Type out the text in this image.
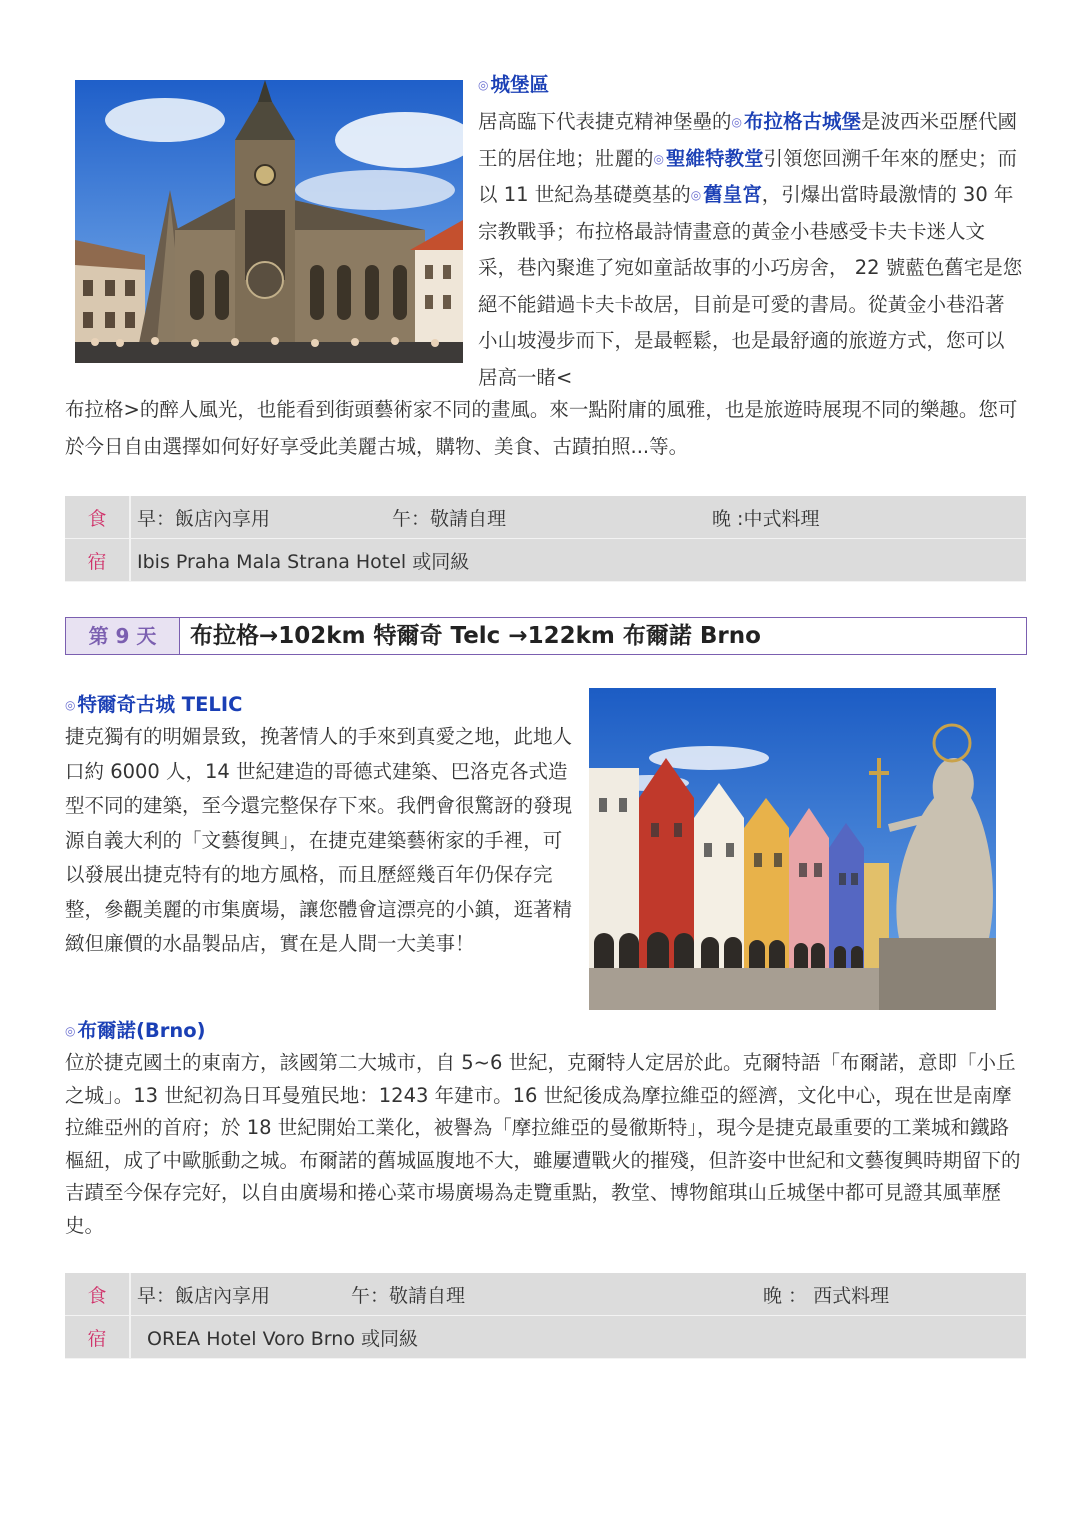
◎ 城堡區
居高臨下代表捷克精神堡壘的◎ 布拉格古城堡是波西米亞歷代國王的居住地；壯麗的◎ 聖維特教堂引領您回溯千年來的歷史；而以 11 世紀為基礎奠基的◎ 舊皇宮，引爆出當時最激情的 30 年宗教戰爭；布拉格最詩情畫意的黃金小巷感受卡夫卡迷人文采，巷內聚進了宛如童話故事的小巧房舍， 22 號藍色舊宅是您絕不能錯過卡夫卡故居，目前是可愛的書局。從黃金小巷沿著小山坡漫步而下，是最輕鬆，也是最舒適的旅遊方式，您可以居高一睹<
布拉格>的醉人風光，也能看到街頭藝術家不同的畫風。來一點附庸的風雅，也是旅遊時展現不同的樂趣。您可於今日自由選擇如何好好享受此美麗古城，購物、美食、古蹟拍照...等。
食	早：飯店內享用	午：敬請自理	晚 :中式料理
宿	Ibis Praha Mala Strana Hotel 或同級		
第 9 天	布拉格→102km 特爾奇 Telc →122km 布爾諾 Brno
◎ 特爾奇古城 TELIC
捷克獨有的明媚景致，挽著情人的手來到真愛之地，此地人口約 6000 人，14 世紀建造的哥德式建築、巴洛克各式造型不同的建築，至今還完整保存下來。我們會很驚訝的發現源自義大利的「文藝復興」，在捷克建築藝術家的手裡，可以發展出捷克特有的地方風格，而且歷經幾百年仍保存完整，參觀美麗的市集廣場，讓您體會這漂亮的小鎮，逛著精緻但廉價的水晶製品店，實在是人間一大美事！
◎ 布爾諾(Brno)
位於捷克國土的東南方，該國第二大城市，自 5~6 世紀，克爾特人定居於此。克爾特語「布爾諾，意即「小丘之城」。13 世紀初為日耳曼殖民地：1243 年建市。16 世紀後成為摩拉維亞的經濟，文化中心，現在世是南摩拉維亞州的首府；於 18 世紀開始工業化，被譽為「摩拉維亞的曼徹斯特」，現今是捷克最重要的工業城和鐵路樞紐，成了中歐脈動之城。布爾諾的舊城區腹地不大，雖屢遭戰火的摧殘，但許姿中世紀和文藝復興時期留下的吉蹟至今保存完好，以自由廣場和捲心菜市場廣場為走覽重點，教堂、博物館琪山丘城堡中都可見證其風華歷史。
食	早：飯店內享用	午：敬請自理	晚 ： 西式料理
宿	OREA Hotel Voro Brno 或同級		
